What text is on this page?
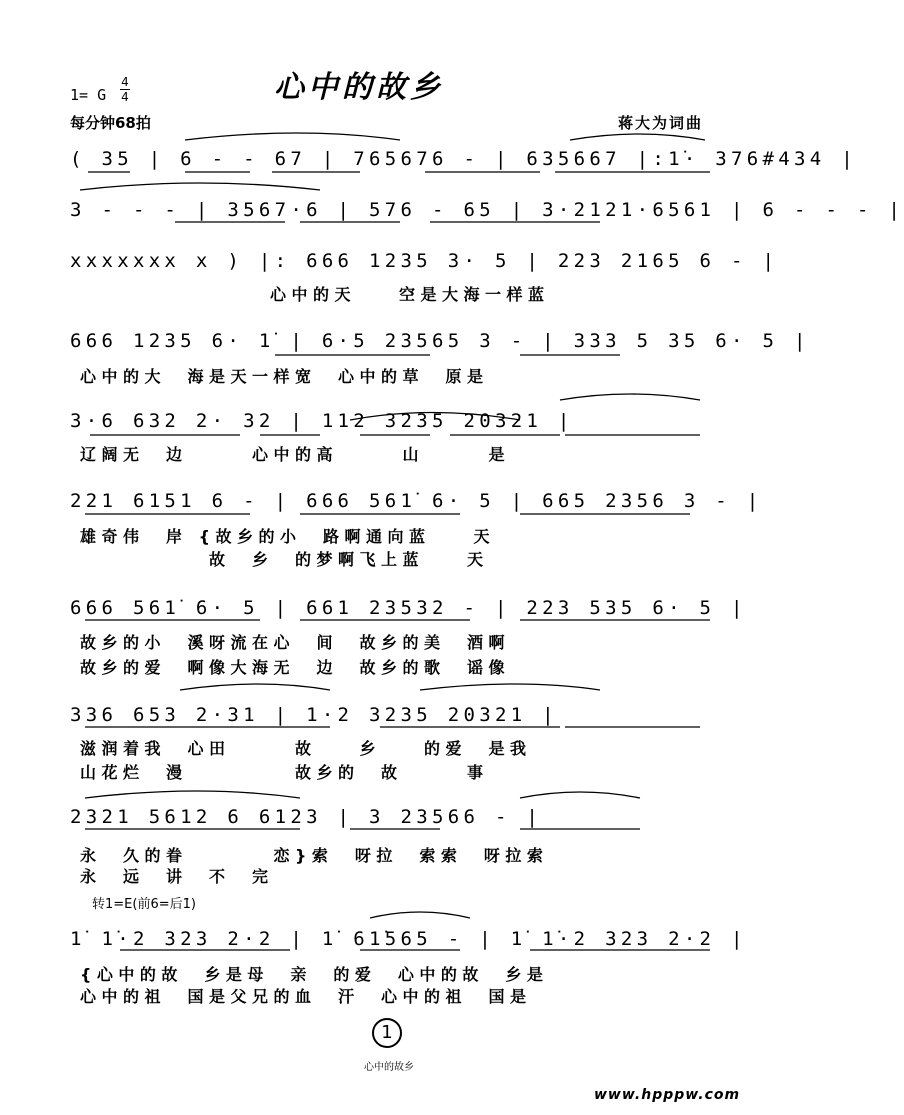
1= G
4
4
每分钟68拍
心中的故乡
蒋大为词曲
( 35 | 6 - - 67 | 765676 - | 635667 |:1̇· 376#434 |
3 - - - | 3567·6 | 576 - 65 | 3·2121·6561 | 6 - - - |
xxxxxxx x ) |: 666 1235 3· 5 | 223 2165 6 - |
心中的天　　空是大海一样蓝
666 1235 6· 1̇ | 6·5 23565 3 - | 333 5 35 6· 5 |
心中的大　海是天一样宽　心中的草　原是
3·6 632 2· 32 | 112 3235 20321 |
辽阔无　边　　　心中的高　　　山　　　是
221 6151 6 - | 666 561̇ 6· 5 | 665 2356 3 - |
雄奇伟　岸 {故乡的小　路啊通向蓝　　天
　　　　　　故　乡　的梦啊飞上蓝　　天
666 561̇ 6· 5 | 661 23532 - | 223 535 6· 5 |
故乡的小　溪呀流在心　间　故乡的美　酒啊
故乡的爱　啊像大海无　边　故乡的歌　谣像
336 653 2·31 | 1·2 3235 20321 |
滋润着我　心田　　　故　　乡　　的爱　是我
山花烂　漫　　　　　故乡的　故　　　事
2321 5612 6 6123 | 3 23566 - |
永　久的眷　　　　恋}索　呀拉　索索　呀拉索
永　远　讲　不　完
转1=E(前6=后1̇)
1̇ 1̇·2 323 2·2 | 1̇ 61̇565 - | 1̇ 1̇·2 323 2·2 |
{心中的故　乡是母　亲　的爱　心中的故　乡是
心中的祖　国是父兄的血　汗　心中的祖　国是
1
心中的故乡
www.hpppw.com
